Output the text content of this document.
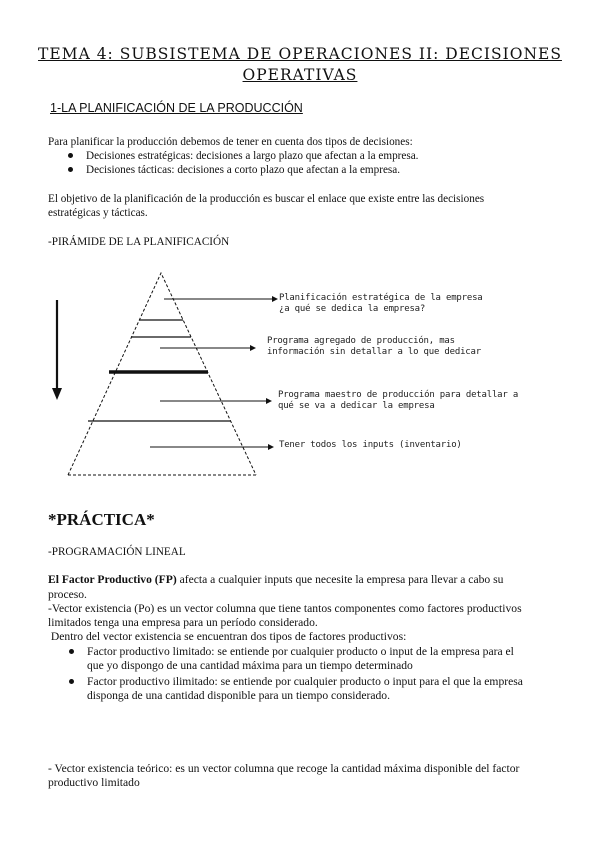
TEMA 4: SUBSISTEMA DE OPERACIONES II: DECISIONES
OPERATIVAS
1-LA PLANIFICACIÓN DE LA PRODUCCIÓN
Para planificar la producción debemos de tener en cuenta dos tipos de decisiones:
Decisiones estratégicas: decisiones a largo plazo que afectan a la empresa.
Decisiones tácticas: decisiones a corto plazo que afectan a la empresa.
El objetivo de la planificación de la producción es buscar el enlace que existe entre las decisiones
estratégicas y tácticas.
-PIRÁMIDE DE LA PLANIFICACIÓN
Planificación estratégica de la empresa
¿a qué se dedica la empresa?
Programa agregado de producción, mas
información sin detallar a lo que dedicar
Programa maestro de producción para detallar a
qué se va a dedicar la empresa
Tener todos los inputs (inventario)
*PRÁCTICA*
-PROGRAMACIÓN LINEAL
El Factor Productivo (FP) afecta a cualquier inputs que necesite la empresa para llevar a cabo su
proceso.
-Vector existencia (Po) es un vector columna que tiene tantos componentes como factores productivos
limitados tenga una empresa para un período considerado.
Dentro del vector existencia se encuentran dos tipos de factores productivos:
Factor productivo limitado: se entiende por cualquier producto o input de la empresa para el
que yo dispongo de una cantidad máxima para un tiempo determinado
Factor productivo ilimitado: se entiende por cualquier producto o input para el que la empresa
disponga de una cantidad disponible para un tiempo considerado.
- Vector existencia teórico: es un vector columna que recoge la cantidad máxima disponible del factor
productivo limitado
